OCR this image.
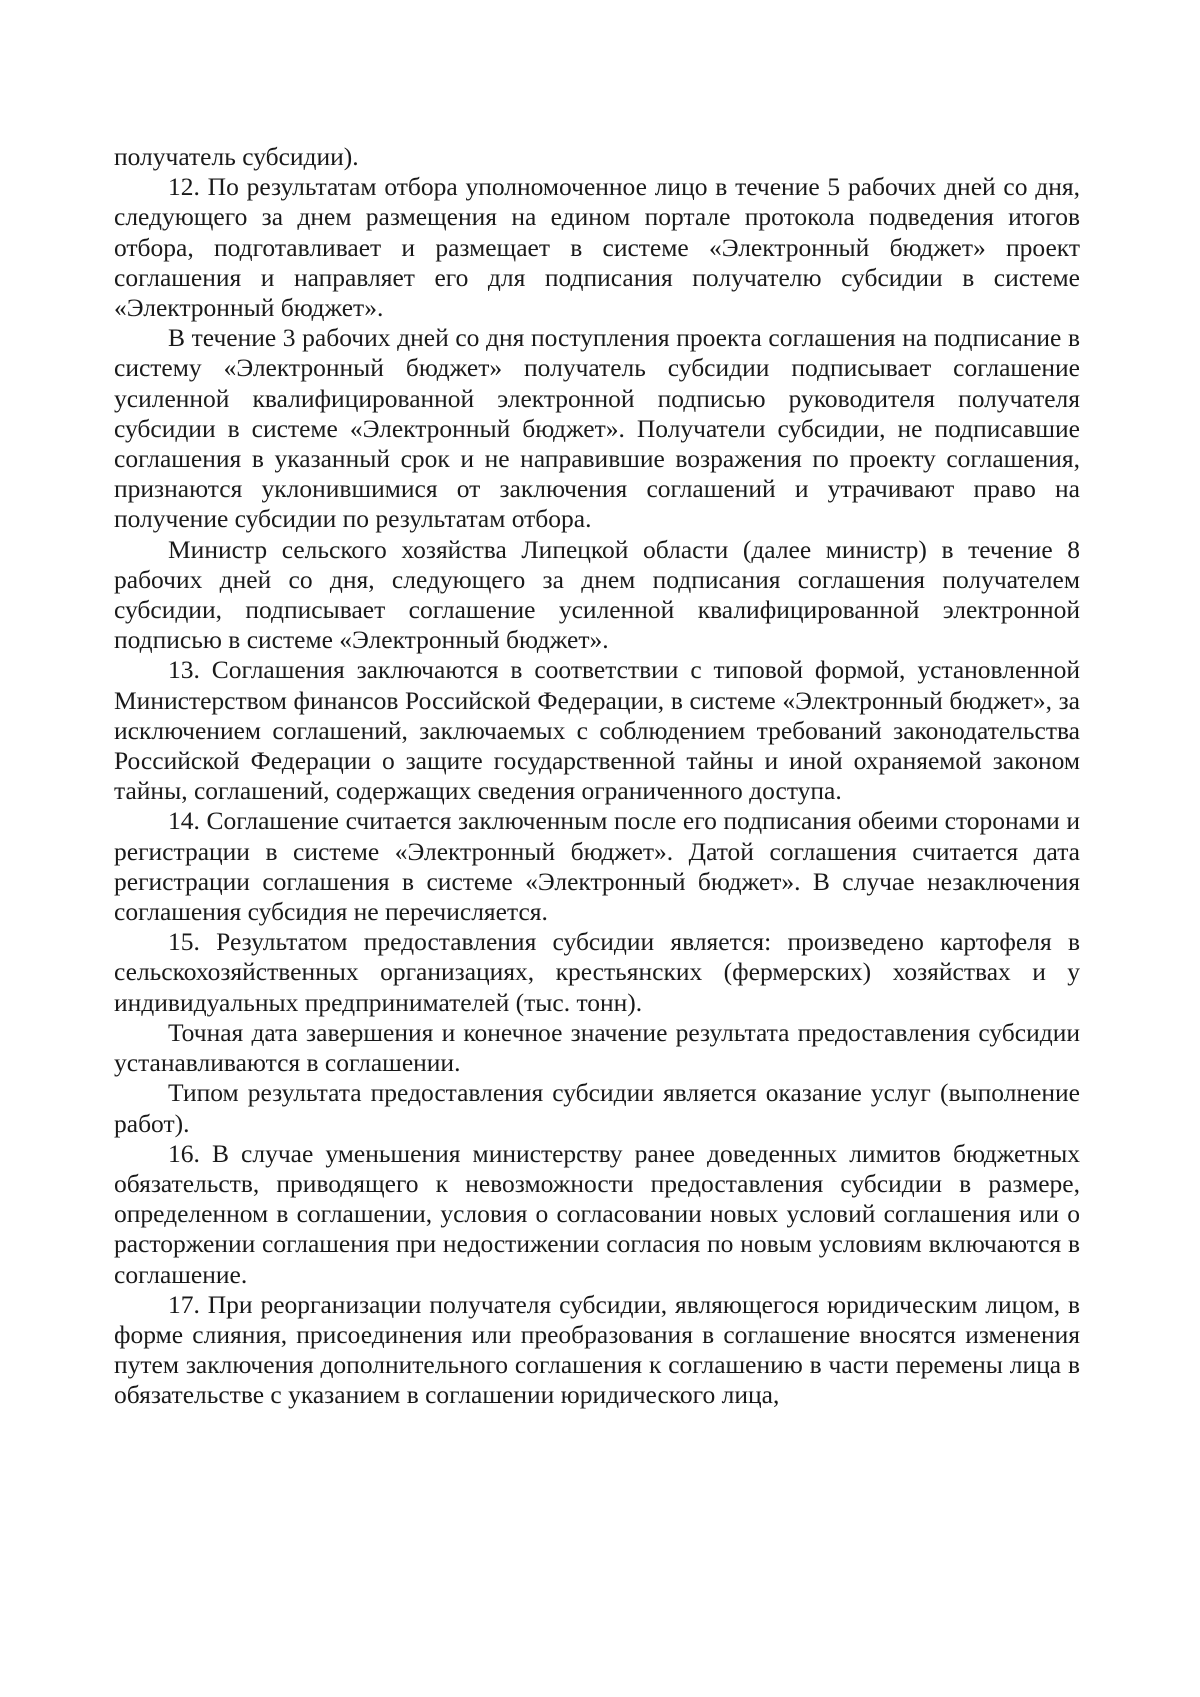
получатель субсидии).

12. По результатам отбора уполномоченное лицо в течение 5 рабочих дней со дня, следующего за днем размещения на едином портале протокола подведения итогов отбора, подготавливает и размещает в системе «Электронный бюджет» проект соглашения и направляет его для подписания получателю субсидии в системе «Электронный бюджет».

В течение 3 рабочих дней со дня поступления проекта соглашения на подписание в систему «Электронный бюджет» получатель субсидии подписывает соглашение усиленной квалифицированной электронной подписью руководителя получателя субсидии в системе «Электронный бюджет». Получатели субсидии, не подписавшие соглашения в указанный срок и не направившие возражения по проекту соглашения, признаются уклонившимися от заключения соглашений и утрачивают право на получение субсидии по результатам отбора.

Министр сельского хозяйства Липецкой области (далее министр) в течение 8 рабочих дней со дня, следующего за днем подписания соглашения получателем субсидии, подписывает соглашение усиленной квалифицированной электронной подписью в системе «Электронный бюджет».

13. Соглашения заключаются в соответствии с типовой формой, установленной Министерством финансов Российской Федерации, в системе «Электронный бюджет», за исключением соглашений, заключаемых с соблюдением требований законодательства Российской Федерации о защите государственной тайны и иной охраняемой законом тайны, соглашений, содержащих сведения ограниченного доступа.

14. Соглашение считается заключенным после его подписания обеими сторонами и регистрации в системе «Электронный бюджет». Датой соглашения считается дата регистрации соглашения в системе «Электронный бюджет». В случае незаключения соглашения субсидия не перечисляется.

15. Результатом предоставления субсидии является: произведено картофеля в сельскохозяйственных организациях, крестьянских (фермерских) хозяйствах и у индивидуальных предпринимателей (тыс. тонн).

Точная дата завершения и конечное значение результата предоставления субсидии устанавливаются в соглашении.

Типом результата предоставления субсидии является оказание услуг (выполнение работ).

16. В случае уменьшения министерству ранее доведенных лимитов бюджетных обязательств, приводящего к невозможности предоставления субсидии в размере, определенном в соглашении, условия о согласовании новых условий соглашения или о расторжении соглашения при недостижении согласия по новым условиям включаются в соглашение.

17. При реорганизации получателя субсидии, являющегося юридическим лицом, в форме слияния, присоединения или преобразования в соглашение вносятся изменения путем заключения дополнительного соглашения к соглашению в части перемены лица в обязательстве с указанием в соглашении юридического лица,
